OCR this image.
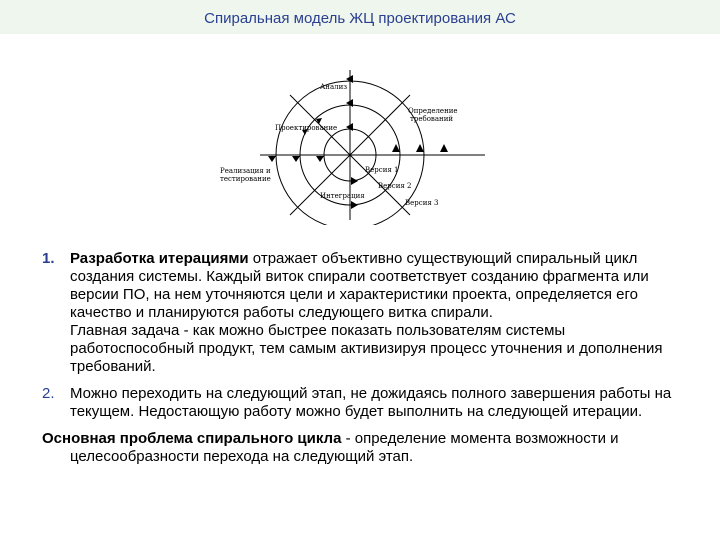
Спиральная модель ЖЦ проектирования АС
Анализ
Определение требований
Проектирование
Реализация и тестирование
Интеграция
Версия 1
Версия 2
Версия 3
1. Разработка итерациями отражает объективно существующий спиральный цикл создания системы. Каждый виток спирали соответствует созданию фрагмента или версии ПО, на нем уточняются цели и характеристики проекта, определяется его качество и планируются работы следующего витка спирали.
Главная задача - как можно быстрее показать пользователям системы работоспособный продукт, тем самым активизируя процесс уточнения и дополнения требований.
2. Можно переходить на следующий этап, не дожидаясь полного завершения работы на текущем. Недостающую работу можно будет выполнить на следующей итерации.
Основная проблема спирального цикла - определение момента возможности и целесообразности перехода на следующий этап.
